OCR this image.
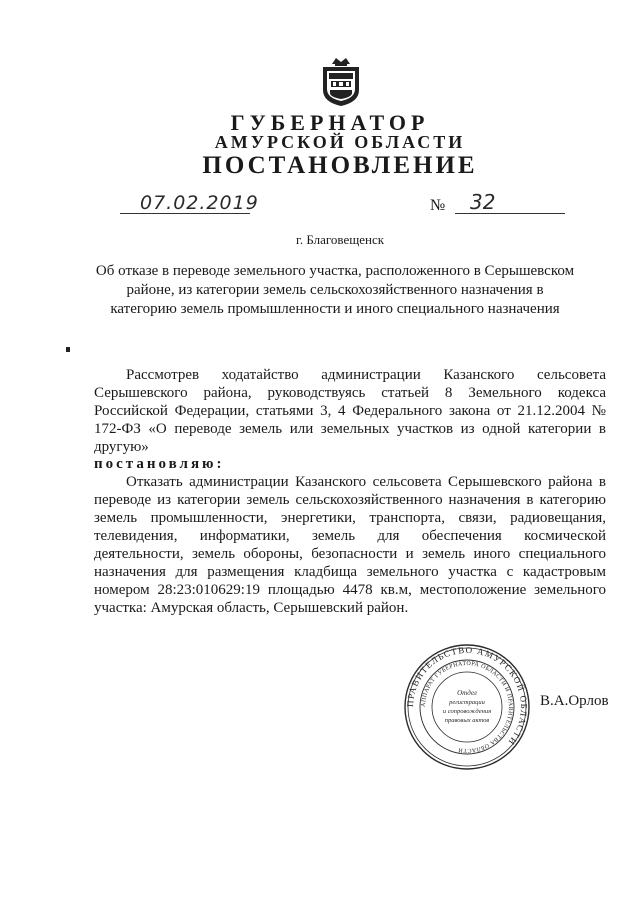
ГУБЕРНАТОР
АМУРСКОЙ ОБЛАСТИ
ПОСТАНОВЛЕНИЕ
07.02.2019	№ 32
г. Благовещенск
Об отказе в переводе земельного участка, расположенного в Серышевском районе, из категории земель сельскохозяйственного назначения в категорию земель промышленности и иного специального назначения
Рассмотрев ходатайство администрации Казанского сельсовета Серышевского района, руководствуясь статьей 8 Земельного кодекса Российской Федерации, статьями 3, 4 Федерального закона от 21.12.2004 № 172-ФЗ «О переводе земель или земельных участков из одной категории в другую»
постановляю:
Отказать администрации Казанского сельсовета Серышевского района в переводе из категории земель сельскохозяйственного назначения в категорию земель промышленности, энергетики, транспорта, связи, радиовещания, телевидения, информатики, земель для обеспечения космической деятельности, земель обороны, безопасности и земель иного специального назначения для размещения кладбища земельного участка с кадастровым номером 28:23:010629:19 площадью 4478 кв.м, местоположение земельного участка: Амурская область, Серышевский район.
ПРАВИТЕЛЬСТВО АМУРСКОЙ ОБЛАСТИ
АППАРАТ ГУБЕРНАТОРА ОБЛАСТИ И ПРАВИТЕЛЬСТВА ОБЛАСТИ
Отдел
регистрации
и сопровождения
правовых актов
В.А.Орлов
